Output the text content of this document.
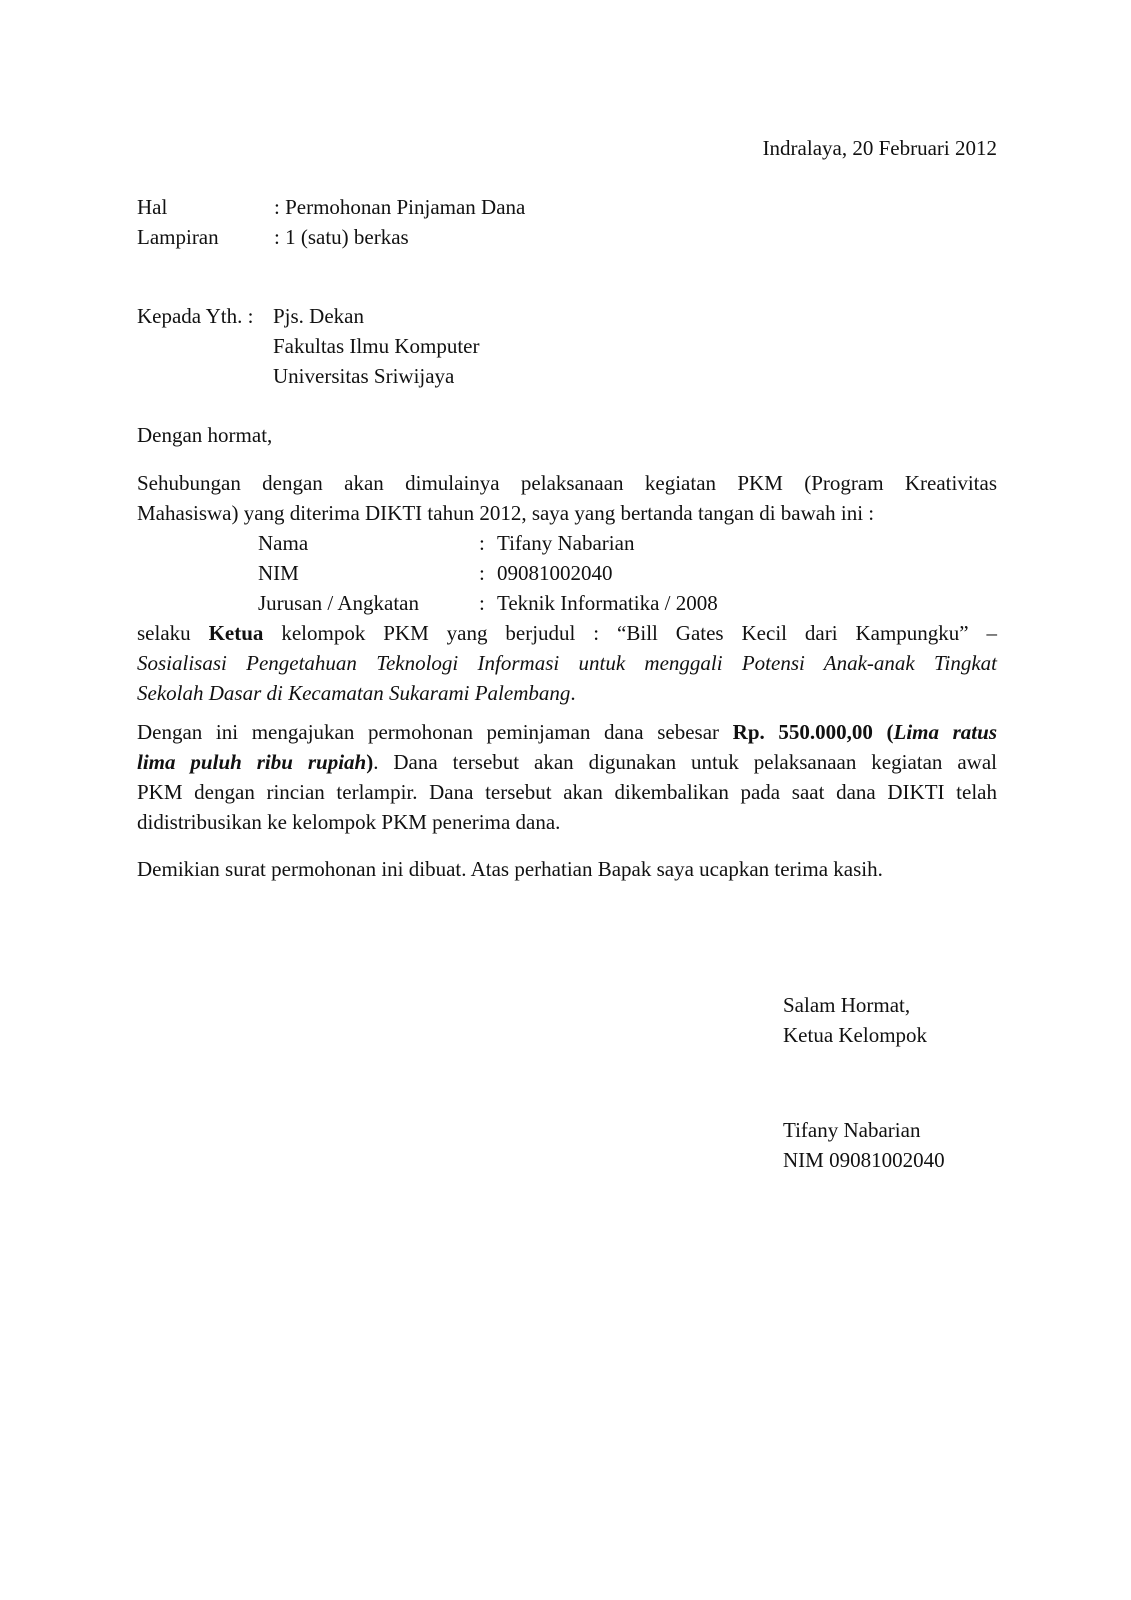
Indralaya, 20 Februari 2012

Hal	: Permohonan Pinjaman Dana
Lampiran	: 1 (satu) berkas
Kepada Yth. : Pjs. Dekan
Fakultas Ilmu Komputer
Universitas Sriwijaya

Dengan hormat,

Sehubungan dengan akan dimulainya pelaksanaan kegiatan PKM (Program Kreativitas
Mahasiswa) yang diterima DIKTI tahun 2012, saya yang bertanda tangan di bawah ini :
Nama	: Tifany Nabarian
NIM	: 09081002040
Jurusan / Angkatan	: Teknik Informatika / 2008
selaku Ketua kelompok PKM yang berjudul : “Bill Gates Kecil dari Kampungku” –
Sosialisasi Pengetahuan Teknologi Informasi untuk menggali Potensi Anak-anak Tingkat
Sekolah Dasar di Kecamatan Sukarami Palembang.
Dengan ini mengajukan permohonan peminjaman dana sebesar Rp. 550.000,00 (Lima ratus
lima puluh ribu rupiah). Dana tersebut akan digunakan untuk pelaksanaan kegiatan awal
PKM dengan rincian terlampir. Dana tersebut akan dikembalikan pada saat dana DIKTI telah
didistribusikan ke kelompok PKM penerima dana.

Demikian surat permohonan ini dibuat. Atas perhatian Bapak saya ucapkan terima kasih.

Salam Hormat,
Ketua Kelompok
Tifany Nabarian
NIM 09081002040
